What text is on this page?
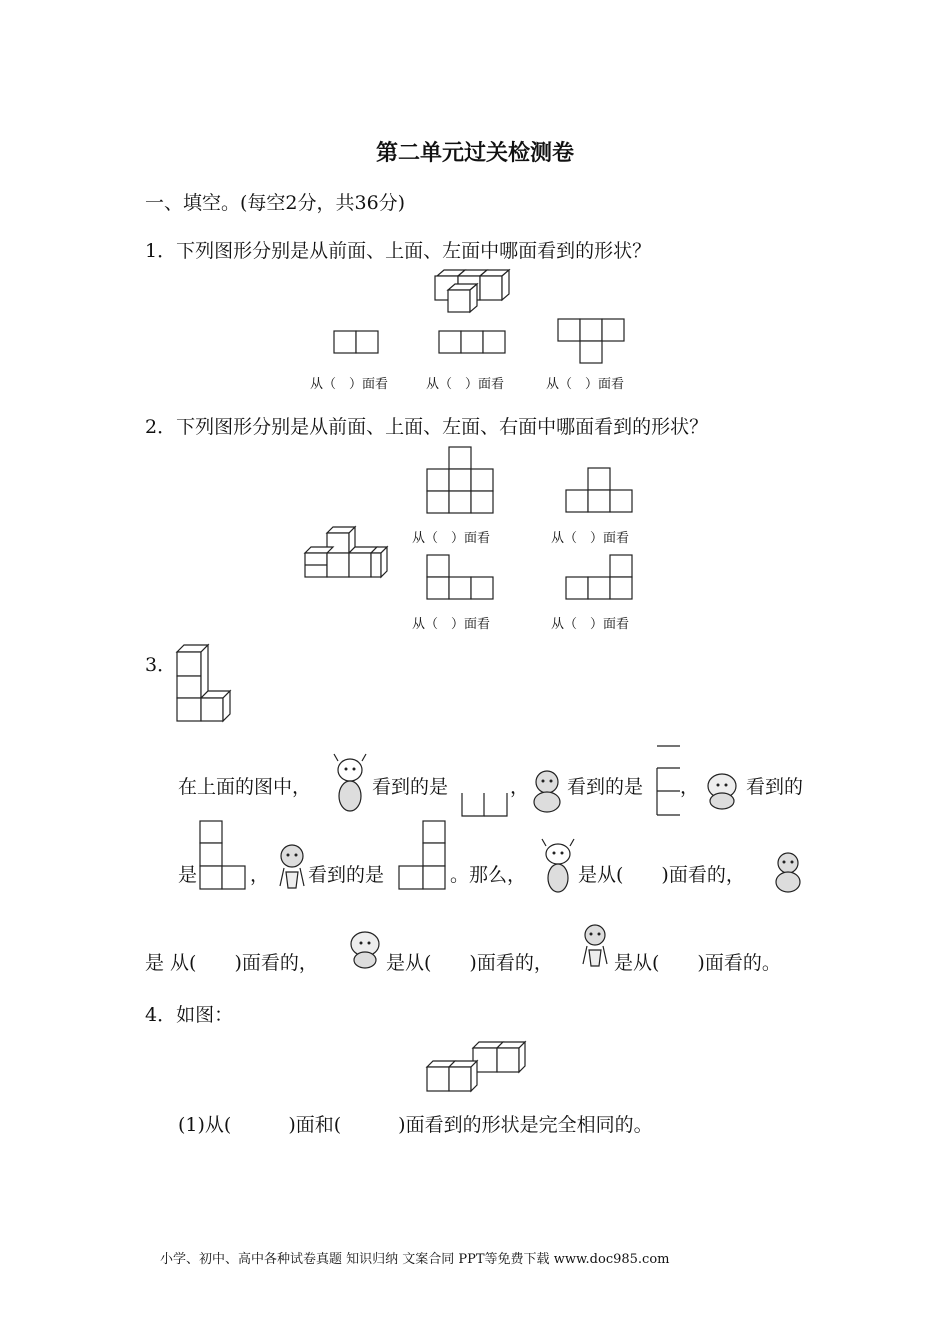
第二单元过关检测卷
一、填空。(每空2分，共36分)
1．下列图形分别是从前面、上面、左面中哪面看到的形状？
从（　）面看	从（　）面看	从（　）面看
2．下列图形分别是从前面、上面、左面、右面中哪面看到的形状？
从（　）面看	从（　）面看
从（　）面看	从（　）面看
3．
在上面的图中，	看到的是	， 看到的是 ， 看到的
是	， 看到的是	。那么，	是从(　　)面看的，
是 从(　　)面看的，	是从(　　)面看的，	是从(　　)面看的。
4．如图：
(1)从(　　　)面和(　　　)面看到的形状是完全相同的。
小学、初中、高中各种试卷真题 知识归纳 文案合同 PPT等免费下载 www.doc985.com
